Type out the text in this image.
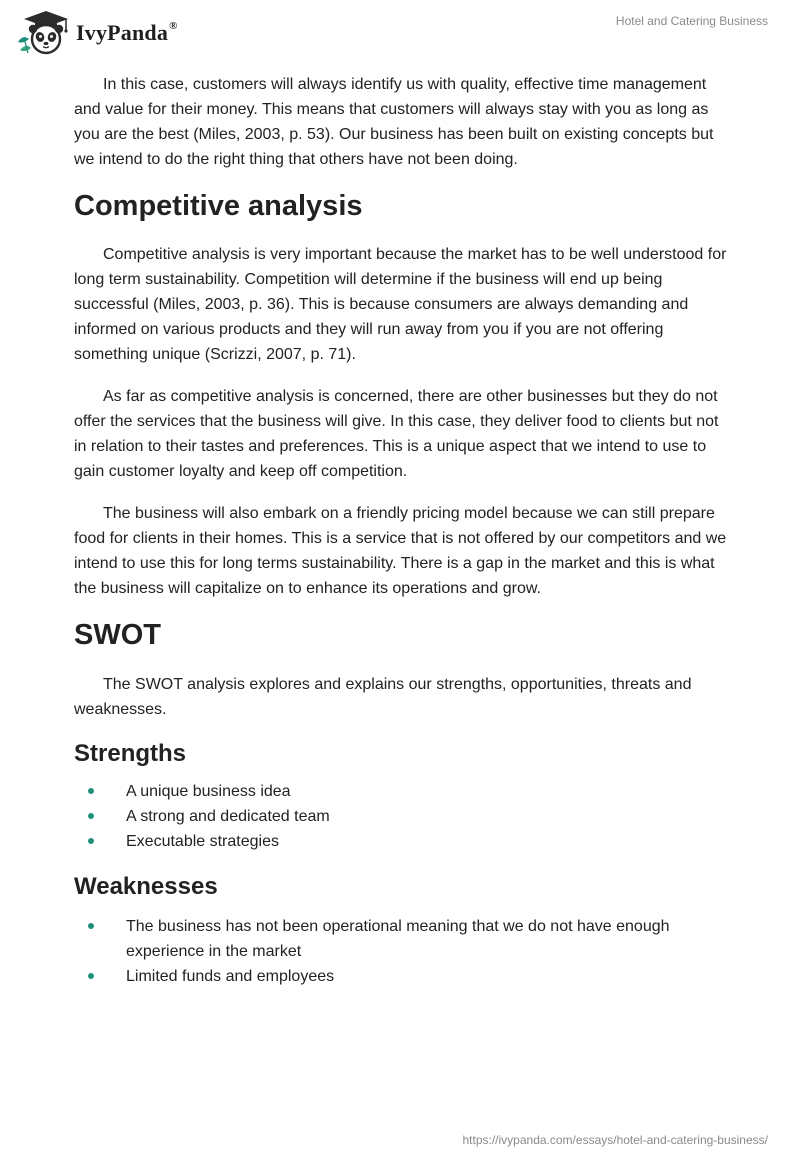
IvyPanda®	Hotel and Catering Business

In this case, customers will always identify us with quality, effective time management and value for their money. This means that customers will always stay with you as long as you are the best (Miles, 2003, p. 53). Our business has been built on existing concepts but we intend to do the right thing that others have not been doing.

Competitive analysis

Competitive analysis is very important because the market has to be well understood for long term sustainability. Competition will determine if the business will end up being successful (Miles, 2003, p. 36). This is because consumers are always demanding and informed on various products and they will run away from you if you are not offering something unique (Scrizzi, 2007, p. 71).

As far as competitive analysis is concerned, there are other businesses but they do not offer the services that the business will give. In this case, they deliver food to clients but not in relation to their tastes and preferences. This is a unique aspect that we intend to use to gain customer loyalty and keep off competition.

The business will also embark on a friendly pricing model because we can still prepare food for clients in their homes. This is a service that is not offered by our competitors and we intend to use this for long terms sustainability. There is a gap in the market and this is what the business will capitalize on to enhance its operations and grow.

SWOT

The SWOT analysis explores and explains our strengths, opportunities, threats and weaknesses.

Strengths
A unique business idea
A strong and dedicated team
Executable strategies
Weaknesses
The business has not been operational meaning that we do not have enough experience in the market
Limited funds and employees
https://ivypanda.com/essays/hotel-and-catering-business/
